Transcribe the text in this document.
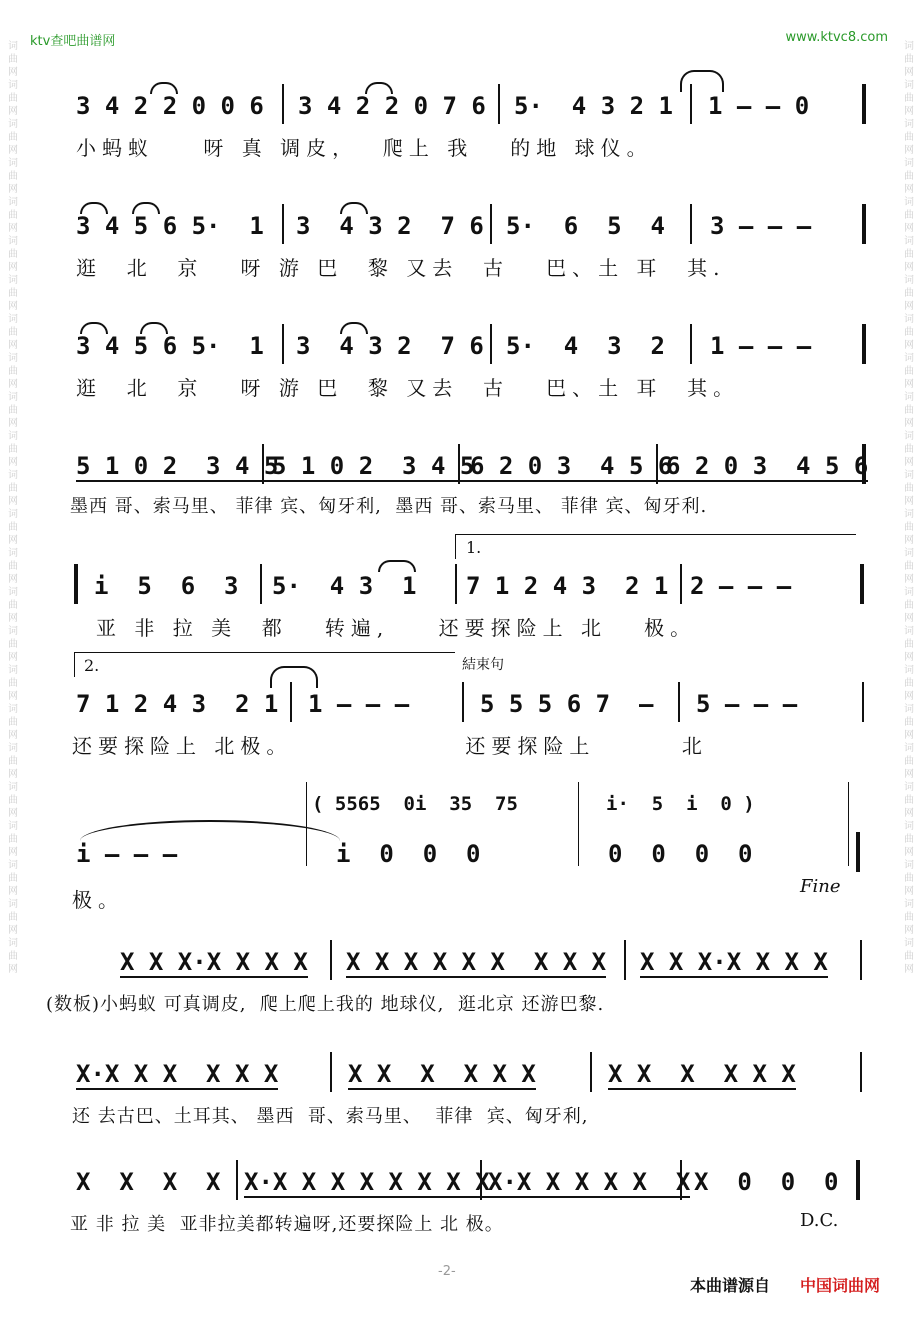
ktv查吧曲谱网	www.ktvc8.com
词曲网 词曲网 词曲网 词曲网 词曲网 词曲网 词曲网 词曲网 词曲网 词曲网 词曲网 词曲网 词曲网 词曲网 词曲网 词曲网 词曲网 词曲网 词曲网 词曲网 词曲网 词曲网 词曲网 词曲网
词曲网 词曲网 词曲网 词曲网 词曲网 词曲网 词曲网 词曲网 词曲网 词曲网 词曲网 词曲网 词曲网 词曲网 词曲网 词曲网 词曲网 词曲网 词曲网 词曲网 词曲网 词曲网 词曲网 词曲网
3 4 2 2 0 0 6 3 4 2 2 0 7 6 5·  4 3 2 1 1 – – 0
小蚂蚁    呀 真 调皮，  爬上 我   的地 球仪。
3 4 5 6 5·  1 3  4 3 2  7 6 5·  6  5  4 3 – – –
逛  北  京   呀 游 巴  黎 又去  古   巴、土 耳  其.
3 4 5 6 5·  1 3  4 3 2  7 6 5·  4  3  2 1 – – –
逛  北  京   呀 游 巴  黎 又去  古   巴、土 耳  其。
5 1 0 2  3 4 5
5 1 0 2  3 4 5
6 2 0 3  4 5 6
6 2 0 3  4 5 6
墨西 哥、索马里、 菲律 宾、匈牙利,  墨西 哥、索马里、 菲律 宾、匈牙利.
1.
i  5  6  3 5·  4 3  1 7 1 2 4 3  2 1 2 – – –
亚 非 拉 美  都   转遍,    还要探险上 北   极。
2.	結束句
7 1 2 4 3  2 1 1 – – –	5 5 5 6 7  – 5 – – –
还要探险上 北极。              还要探险上       北
( 5565  0i  35  75	i·  5  i  0 )
i – – –	i  0  0  0	0  0  0  0
极。
Fine
X X X·X X X X X X X X X X  X X X X X X·X X X X
(数板)小蚂蚁 可真调皮,  爬上爬上我的 地球仪,  逛北京 还游巴黎.
X·X X X  X X X	X X  X  X X X	X X  X  X X X
还 去古巴、土耳其、 墨西  哥、索马里、  菲律  宾、匈牙利,
X  X  X  X X·X X X X X X X X
X·X X X X X  X X  0  0  0
亚 非 拉 美  亚非拉美都转遍呀,还要探险上 北 极。	D.C.
-2-
本曲谱源自 中国词曲网
